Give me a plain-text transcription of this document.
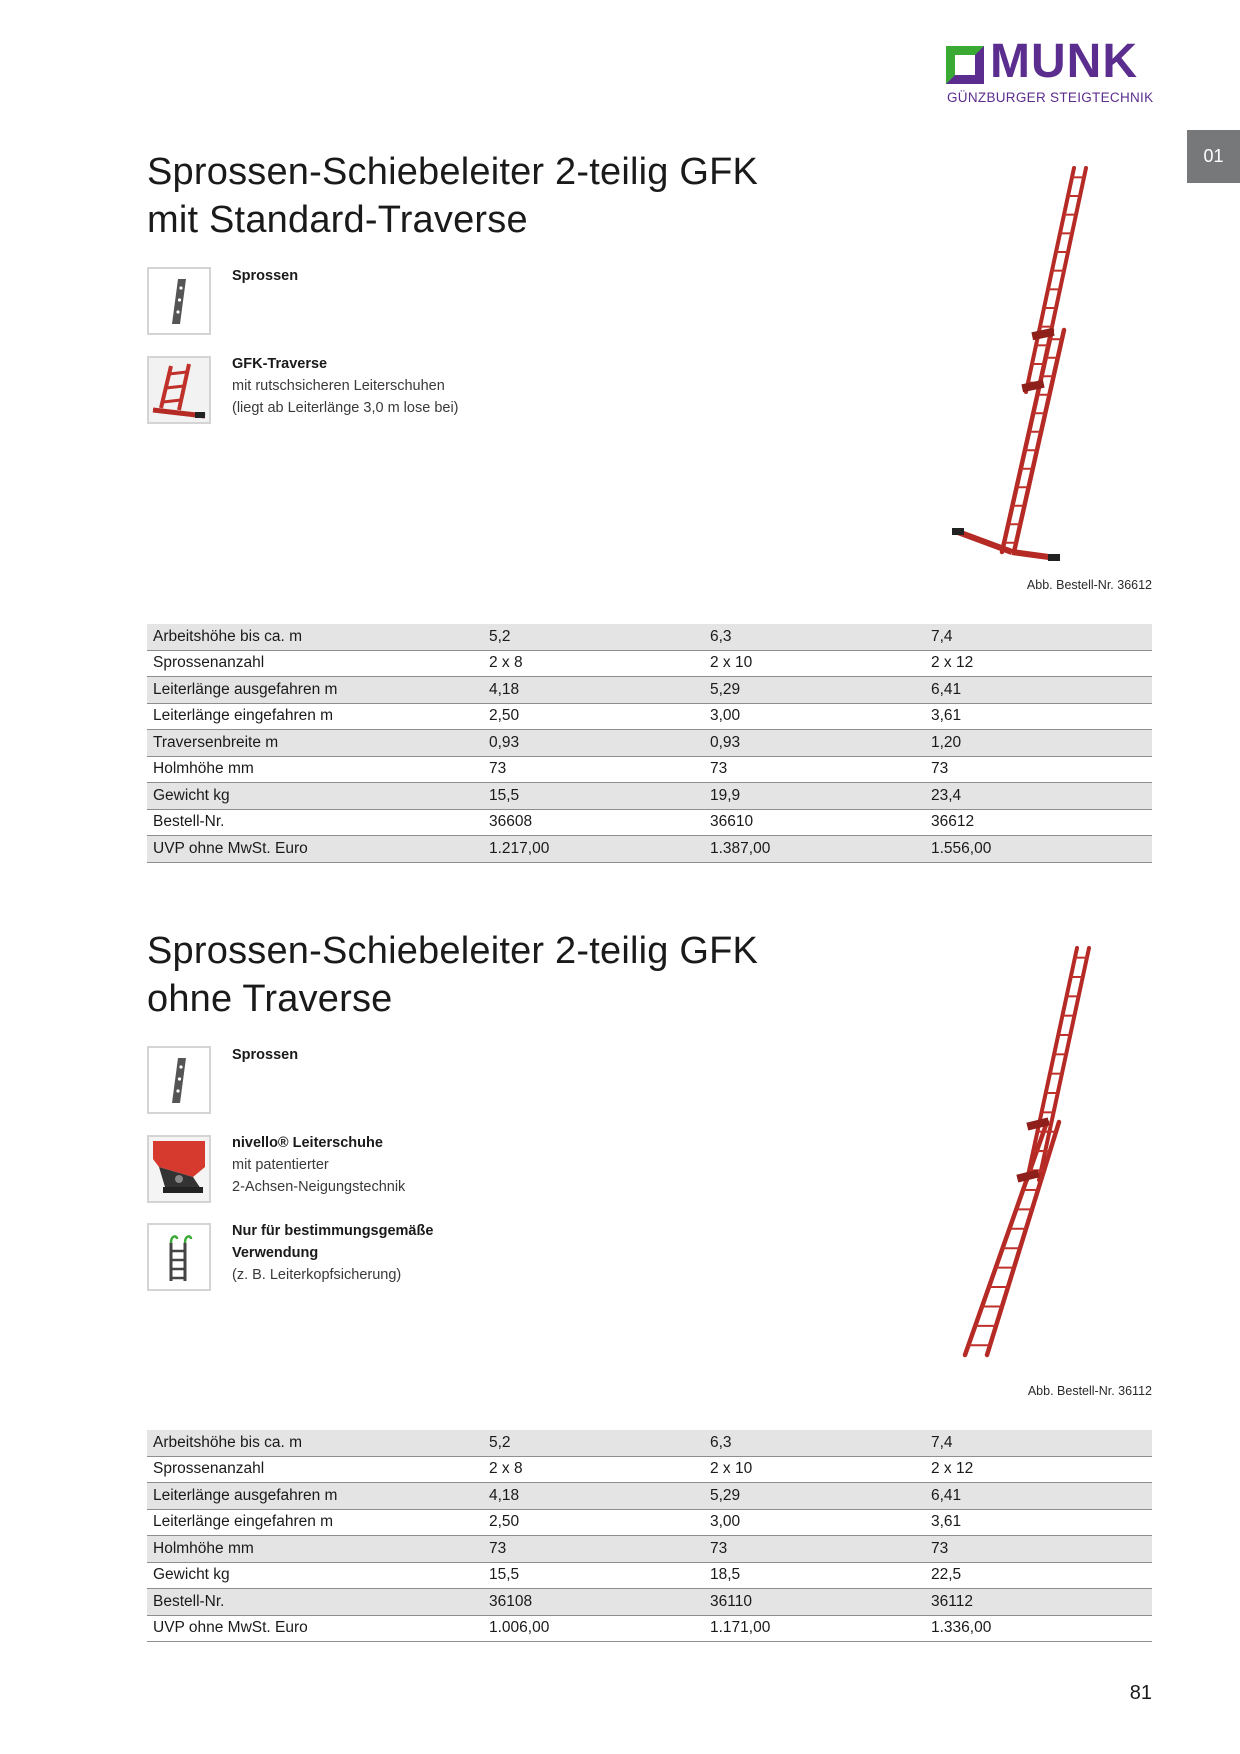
MUNK
GÜNZBURGER STEIGTECHNIK
01
Sprossen-Schiebeleiter 2-teilig GFK
mit Standard-Traverse
Sprossen
GFK-Traverse
mit rutschsicheren Leiterschuhen
(liegt ab Leiterlänge 3,0 m lose bei)
Abb. Bestell-Nr. 36612
Arbeitshöhe bis ca. m	5,2	6,3	7,4
Sprossenanzahl	2 x 8	2 x 10	2 x 12
Leiterlänge ausgefahren m	4,18	5,29	6,41
Leiterlänge eingefahren m	2,50	3,00	3,61
Traversenbreite m	0,93	0,93	1,20
Holmhöhe mm	73	73	73
Gewicht kg	15,5	19,9	23,4
Bestell-Nr.	36608	36610	36612
UVP ohne MwSt. Euro	1.217,00	1.387,00	1.556,00
Sprossen-Schiebeleiter 2-teilig GFK
ohne Traverse
Sprossen
nivello® Leiterschuhe
mit patentierter
2-Achsen-Neigungstechnik
Nur für bestimmungsgemäße Verwendung
(z. B. Leiterkopfsicherung)
Abb. Bestell-Nr. 36112
Arbeitshöhe bis ca. m	5,2	6,3	7,4
Sprossenanzahl	2 x 8	2 x 10	2 x 12
Leiterlänge ausgefahren m	4,18	5,29	6,41
Leiterlänge eingefahren m	2,50	3,00	3,61
Holmhöhe mm	73	73	73
Gewicht kg	15,5	18,5	22,5
Bestell-Nr.	36108	36110	36112
UVP ohne MwSt. Euro	1.006,00	1.171,00	1.336,00
81
